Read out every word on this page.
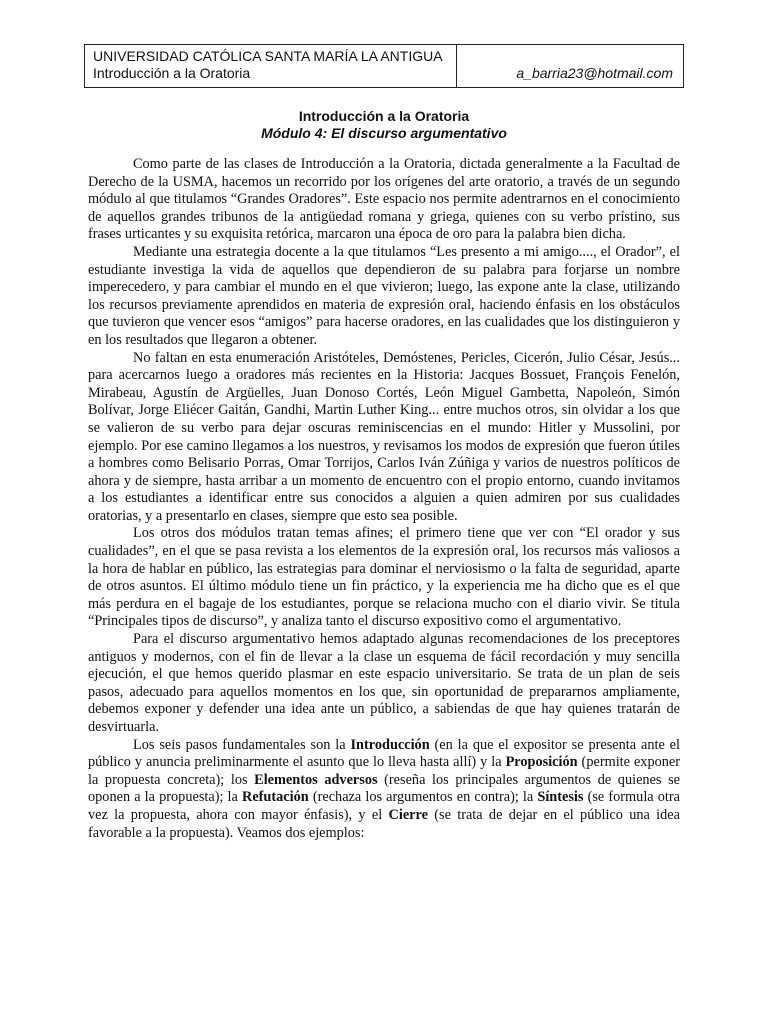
UNIVERSIDAD CATÓLICA SANTA MARÍA LA ANTIGUA
Introducción a la Oratoria	a_barria23@hotmail.com
Introducción a la Oratoria
Módulo 4: El discurso argumentativo

Como parte de las clases de Introducción a la Oratoria, dictada generalmente a la Facultad de Derecho de la USMA, hacemos un recorrido por los orígenes del arte oratorio, a través de un segundo módulo al que titulamos “Grandes Oradores”. Este espacio nos permite adentrarnos en el conocimiento de aquellos grandes tribunos de la antigüedad romana y griega, quienes con su verbo prístino, sus frases urticantes y su exquisita retórica, marcaron una época de oro para la palabra bien dicha.

Mediante una estrategia docente a la que titulamos “Les presento a mi amigo...., el Orador”, el estudiante investiga la vida de aquellos que dependieron de su palabra para forjarse un nombre imperecedero, y para cambiar el mundo en el que vivieron; luego, las expone ante la clase, utilizando los recursos previamente aprendidos en materia de expresión oral, haciendo énfasis en los obstáculos que tuvieron que vencer esos “amigos” para hacerse oradores, en las cualidades que los distinguieron y en los resultados que llegaron a obtener.

No faltan en esta enumeración Aristóteles, Demóstenes, Pericles, Cicerón, Julio César, Jesús... para acercarnos luego a oradores más recientes en la Historia: Jacques Bossuet, François Fenelón, Mirabeau, Agustín de Argüelles, Juan Donoso Cortés, León Miguel Gambetta, Napoleón, Simón Bolívar, Jorge Eliécer Gaitán, Gandhi, Martin Luther King... entre muchos otros, sin olvidar a los que se valieron de su verbo para dejar oscuras reminiscencias en el mundo: Hitler y Mussolini, por ejemplo. Por ese camino llegamos a los nuestros, y revisamos los modos de expresión que fueron útiles a hombres como Belisario Porras, Omar Torrijos, Carlos Iván Zúñiga y varios de nuestros políticos de ahora y de siempre, hasta arribar a un momento de encuentro con el propio entorno, cuando invitamos a los estudiantes a identificar entre sus conocidos a alguien a quien admiren por sus cualidades oratorias, y a presentarlo en clases, siempre que esto sea posible.

Los otros dos módulos tratan temas afines; el primero tiene que ver con “El orador y sus cualidades”, en el que se pasa revista a los elementos de la expresión oral, los recursos más valiosos a la hora de hablar en público, las estrategias para dominar el nerviosismo o la falta de seguridad, aparte de otros asuntos. El último módulo tiene un fin práctico, y la experiencia me ha dicho que es el que más perdura en el bagaje de los estudiantes, porque se relaciona mucho con el diario vivir. Se titula “Principales tipos de discurso”, y analiza tanto el discurso expositivo como el argumentativo.

Para el discurso argumentativo hemos adaptado algunas recomendaciones de los preceptores antiguos y modernos, con el fin de llevar a la clase un esquema de fácil recordación y muy sencilla ejecución, el que hemos querido plasmar en este espacio universitario. Se trata de un plan de seis pasos, adecuado para aquellos momentos en los que, sin oportunidad de prepararnos ampliamente, debemos exponer y defender una idea ante un público, a sabiendas de que hay quienes tratarán de desvirtuarla.

Los seis pasos fundamentales son la Introducción (en la que el expositor se presenta ante el público y anuncia preliminarmente el asunto que lo lleva hasta allí) y la Proposición (permite exponer la propuesta concreta); los Elementos adversos (reseña los principales argumentos de quienes se oponen a la propuesta); la Refutación (rechaza los argumentos en contra); la Síntesis (se formula otra vez la propuesta, ahora con mayor énfasis), y el Cierre (se trata de dejar en el público una idea favorable a la propuesta). Veamos dos ejemplos:
